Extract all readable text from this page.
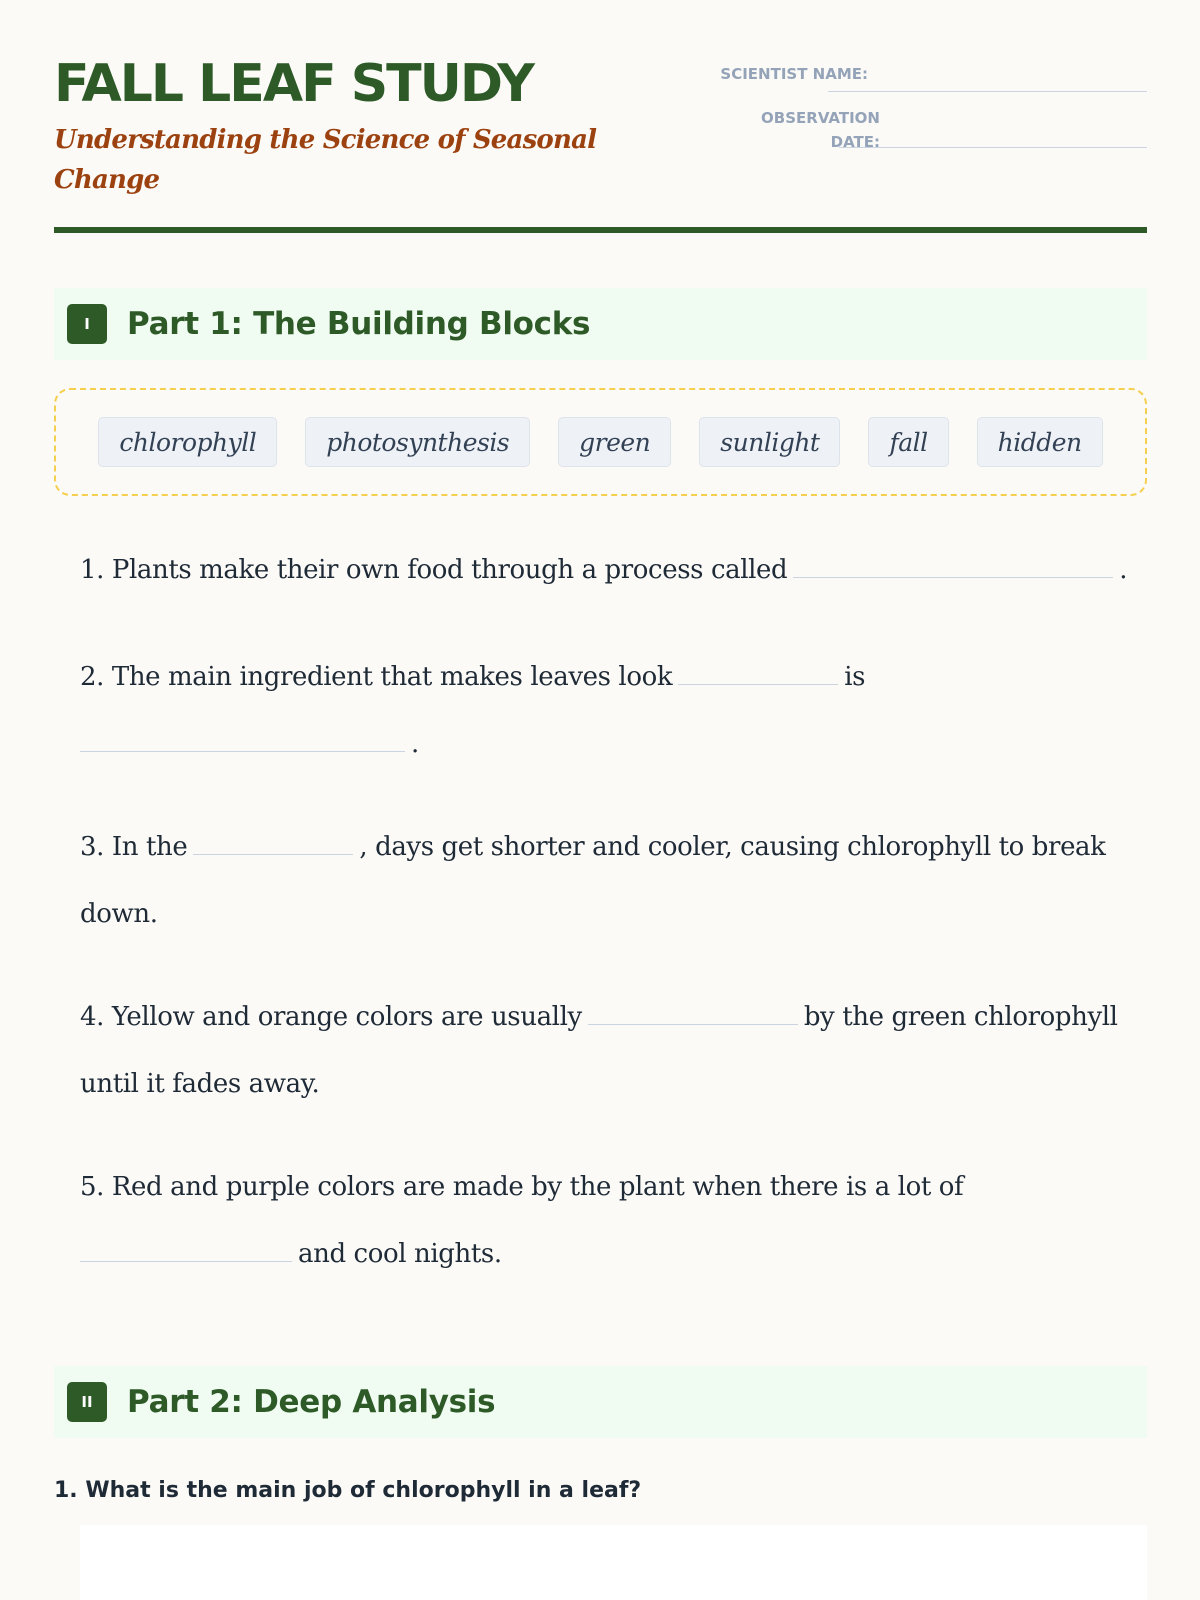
FALL LEAF STUDY
Understanding the Science of Seasonal Change
SCIENTIST NAME:
OBSERVATION
DATE:
I	Part 1: The Building Blocks
chlorophyll	photosynthesis	green	sunlight	fall	hidden
1. Plants make their own food through a process called	.
2. The main ingredient that makes leaves look	is
.
3. In the	, days get shorter and cooler, causing chlorophyll to break down.
4. Yellow and orange colors are usually	by the green chlorophyll until it fades away.
5. Red and purple colors are made by the plant when there is a lot of
and cool nights.
II	Part 2: Deep Analysis
1. What is the main job of chlorophyll in a leaf?
